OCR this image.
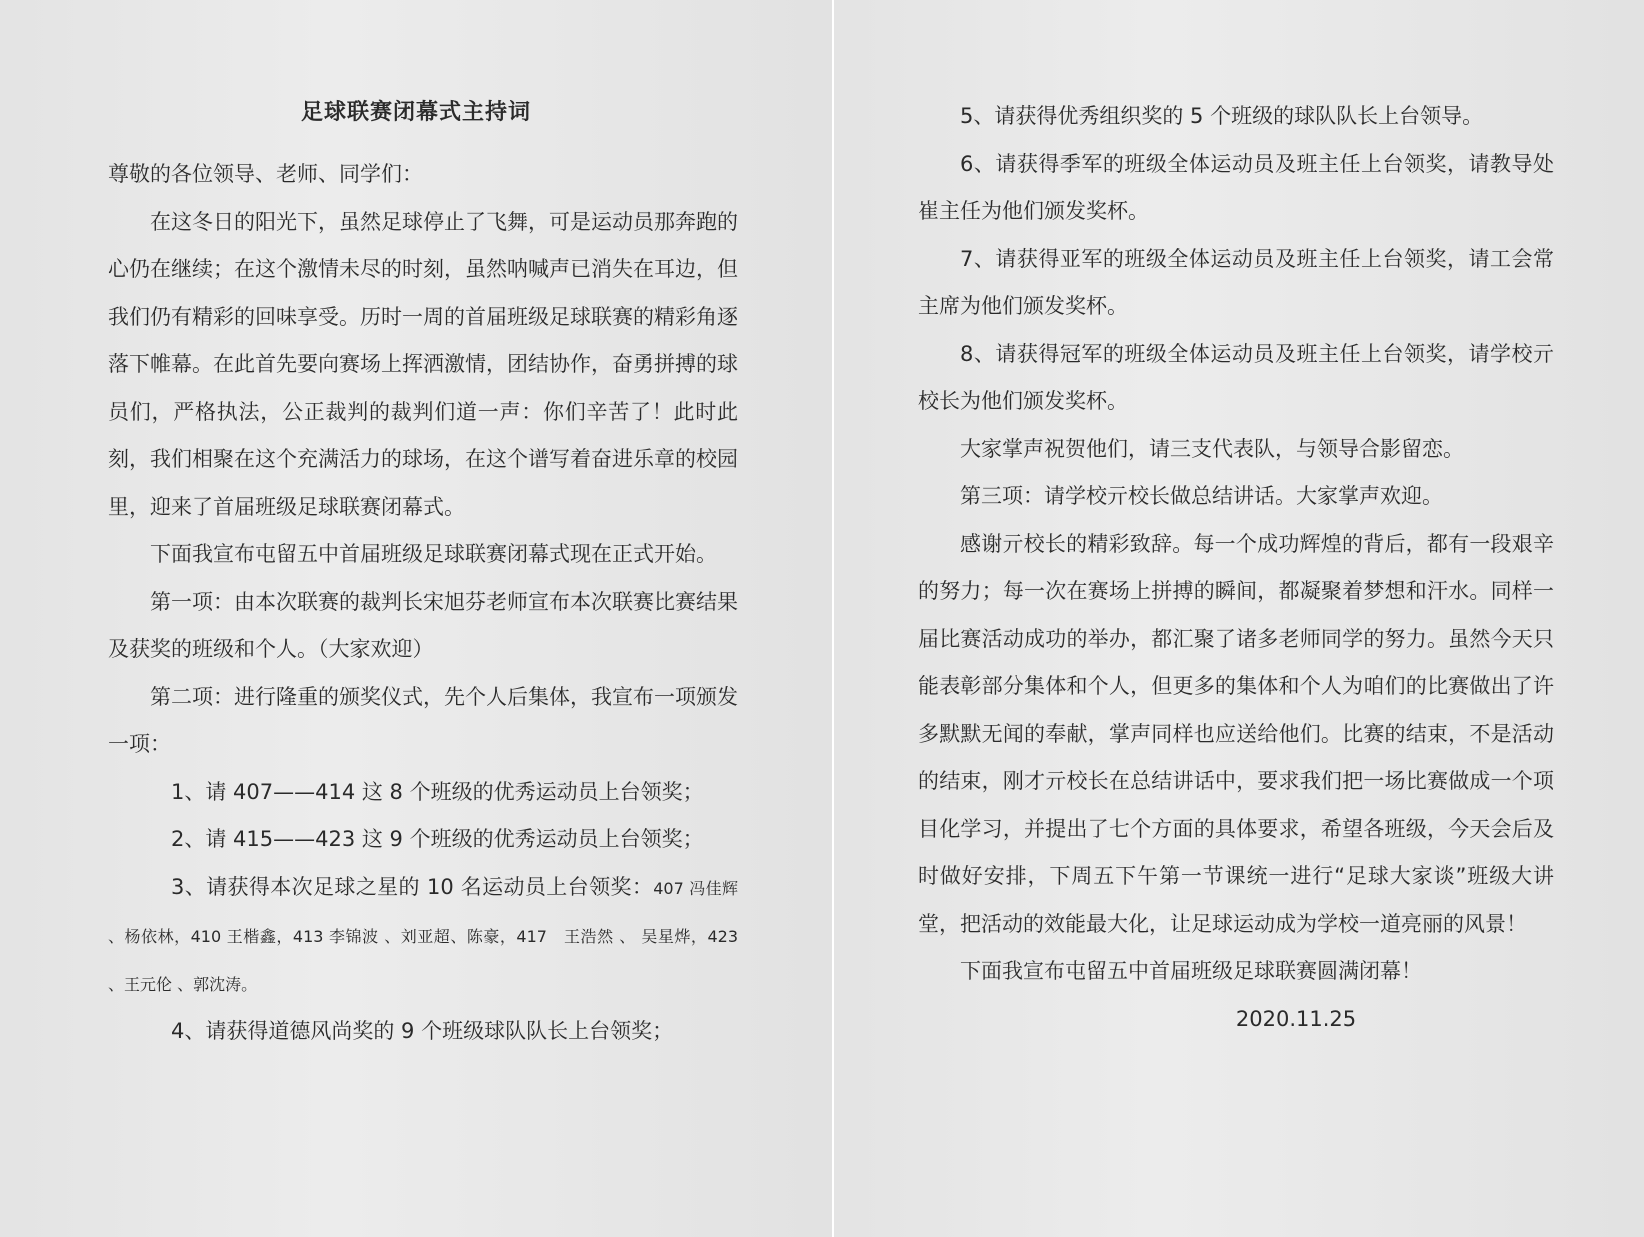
足球联赛闭幕式主持词

尊敬的各位领导、老师、同学们：

在这冬日的阳光下，虽然足球停止了飞舞，可是运动员那奔跑的心仍在继续；在这个激情未尽的时刻，虽然呐喊声已消失在耳边，但我们仍有精彩的回味享受。历时一周的首届班级足球联赛的精彩角逐落下帷幕。在此首先要向赛场上挥洒激情，团结协作，奋勇拼搏的球员们，严格执法，公正裁判的裁判们道一声：你们辛苦了！此时此刻，我们相聚在这个充满活力的球场，在这个谱写着奋进乐章的校园里，迎来了首届班级足球联赛闭幕式。

下面我宣布屯留五中首届班级足球联赛闭幕式现在正式开始。

第一项：由本次联赛的裁判长宋旭芬老师宣布本次联赛比赛结果及获奖的班级和个人。（大家欢迎）

第二项：进行隆重的颁奖仪式，先个人后集体，我宣布一项颁发一项：

1、请 407——414 这 8 个班级的优秀运动员上台领奖；

2、请 415——423 这 9 个班级的优秀运动员上台领奖；

3、请获得本次足球之星的 10 名运动员上台领奖：407 冯佳辉 、杨依林，410 王楷鑫，413 李锦波 、刘亚超、陈豪，417　王浩然 、 吴星烨，423 、王元伦 、郭沈涛。

4、请获得道德风尚奖的 9 个班级球队队长上台领奖；

5、请获得优秀组织奖的 5 个班级的球队队长上台领导。

6、请获得季军的班级全体运动员及班主任上台领奖，请教导处崔主任为他们颁发奖杯。

7、请获得亚军的班级全体运动员及班主任上台领奖，请工会常主席为他们颁发奖杯。

8、请获得冠军的班级全体运动员及班主任上台领奖，请学校亓校长为他们颁发奖杯。

大家掌声祝贺他们，请三支代表队，与领导合影留恋。

第三项：请学校亓校长做总结讲话。大家掌声欢迎。

感谢亓校长的精彩致辞。每一个成功辉煌的背后，都有一段艰辛的努力；每一次在赛场上拼搏的瞬间，都凝聚着梦想和汗水。同样一届比赛活动成功的举办，都汇聚了诸多老师同学的努力。虽然今天只能表彰部分集体和个人，但更多的集体和个人为咱们的比赛做出了许多默默无闻的奉献，掌声同样也应送给他们。比赛的结束，不是活动的结束，刚才亓校长在总结讲话中，要求我们把一场比赛做成一个项目化学习，并提出了七个方面的具体要求，希望各班级，今天会后及时做好安排，下周五下午第一节课统一进行“足球大家谈”班级大讲堂，把活动的效能最大化，让足球运动成为学校一道亮丽的风景！

下面我宣布屯留五中首届班级足球联赛圆满闭幕！

2020.11.25
